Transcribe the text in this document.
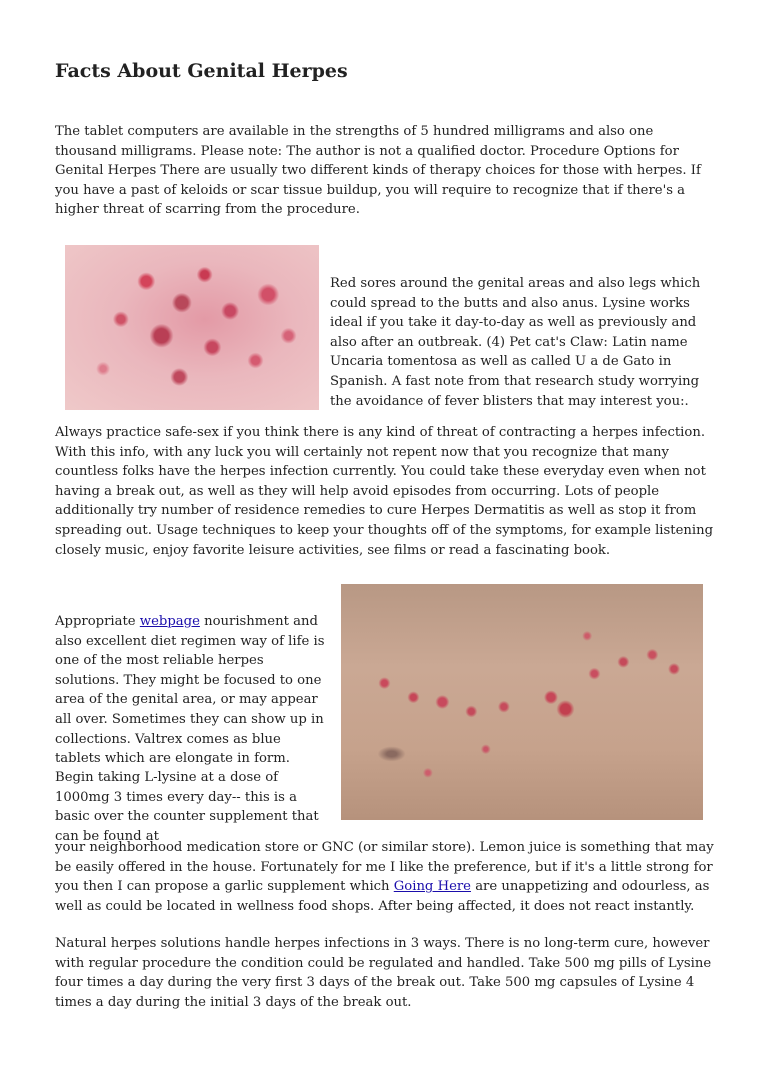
Facts About Genital Herpes

The tablet computers are available in the strengths of 5 hundred milligrams and also one thousand milligrams. Please note: The author is not a qualified doctor. Procedure Options for Genital Herpes There are usually two different kinds of therapy choices for those with herpes. If you have a past of keloids or scar tissue buildup, you will require to recognize that if there's a higher threat of scarring from the procedure.

Red sores around the genital areas and also legs which could spread to the butts and also anus. Lysine works ideal if you take it day-to-day as well as previously and also after an outbreak. (4) Pet cat's Claw: Latin name Uncaria tomentosa as well as called U a de Gato in Spanish. A fast note from that research study worrying the avoidance of fever blisters that may interest you:.

Always practice safe-sex if you think there is any kind of threat of contracting a herpes infection. With this info, with any luck you will certainly not repent now that you recognize that many countless folks have the herpes infection currently. You could take these everyday even when not having a break out, as well as they will help avoid episodes from occurring. Lots of people additionally try number of residence remedies to cure Herpes Dermatitis as well as stop it from spreading out. Usage techniques to keep your thoughts off of the symptoms, for example listening closely music, enjoy favorite leisure activities, see films or read a fascinating book.

Appropriate webpage nourishment and also excellent diet regimen way of life is one of the most reliable herpes solutions. They might be focused to one area of the genital area, or may appear all over. Sometimes they can show up in collections. Valtrex comes as blue tablets which are elongate in form.

Begin taking L-lysine at a dose of 1000mg 3 times every day-- this is a basic over the counter supplement that can be found at

your neighborhood medication store or GNC (or similar store). Lemon juice is something that may be easily offered in the house. Fortunately for me I like the preference, but if it's a little strong for you then I can propose a garlic supplement which Going Here are unappetizing and odourless, as well as could be located in wellness food shops. After being affected, it does not react instantly.

Natural herpes solutions handle herpes infections in 3 ways. There is no long-term cure, however with regular procedure the condition could be regulated and handled. Take 500 mg pills of Lysine four times a day during the very first 3 days of the break out. Take 500 mg capsules of Lysine 4 times a day during the initial 3 days of the break out.
